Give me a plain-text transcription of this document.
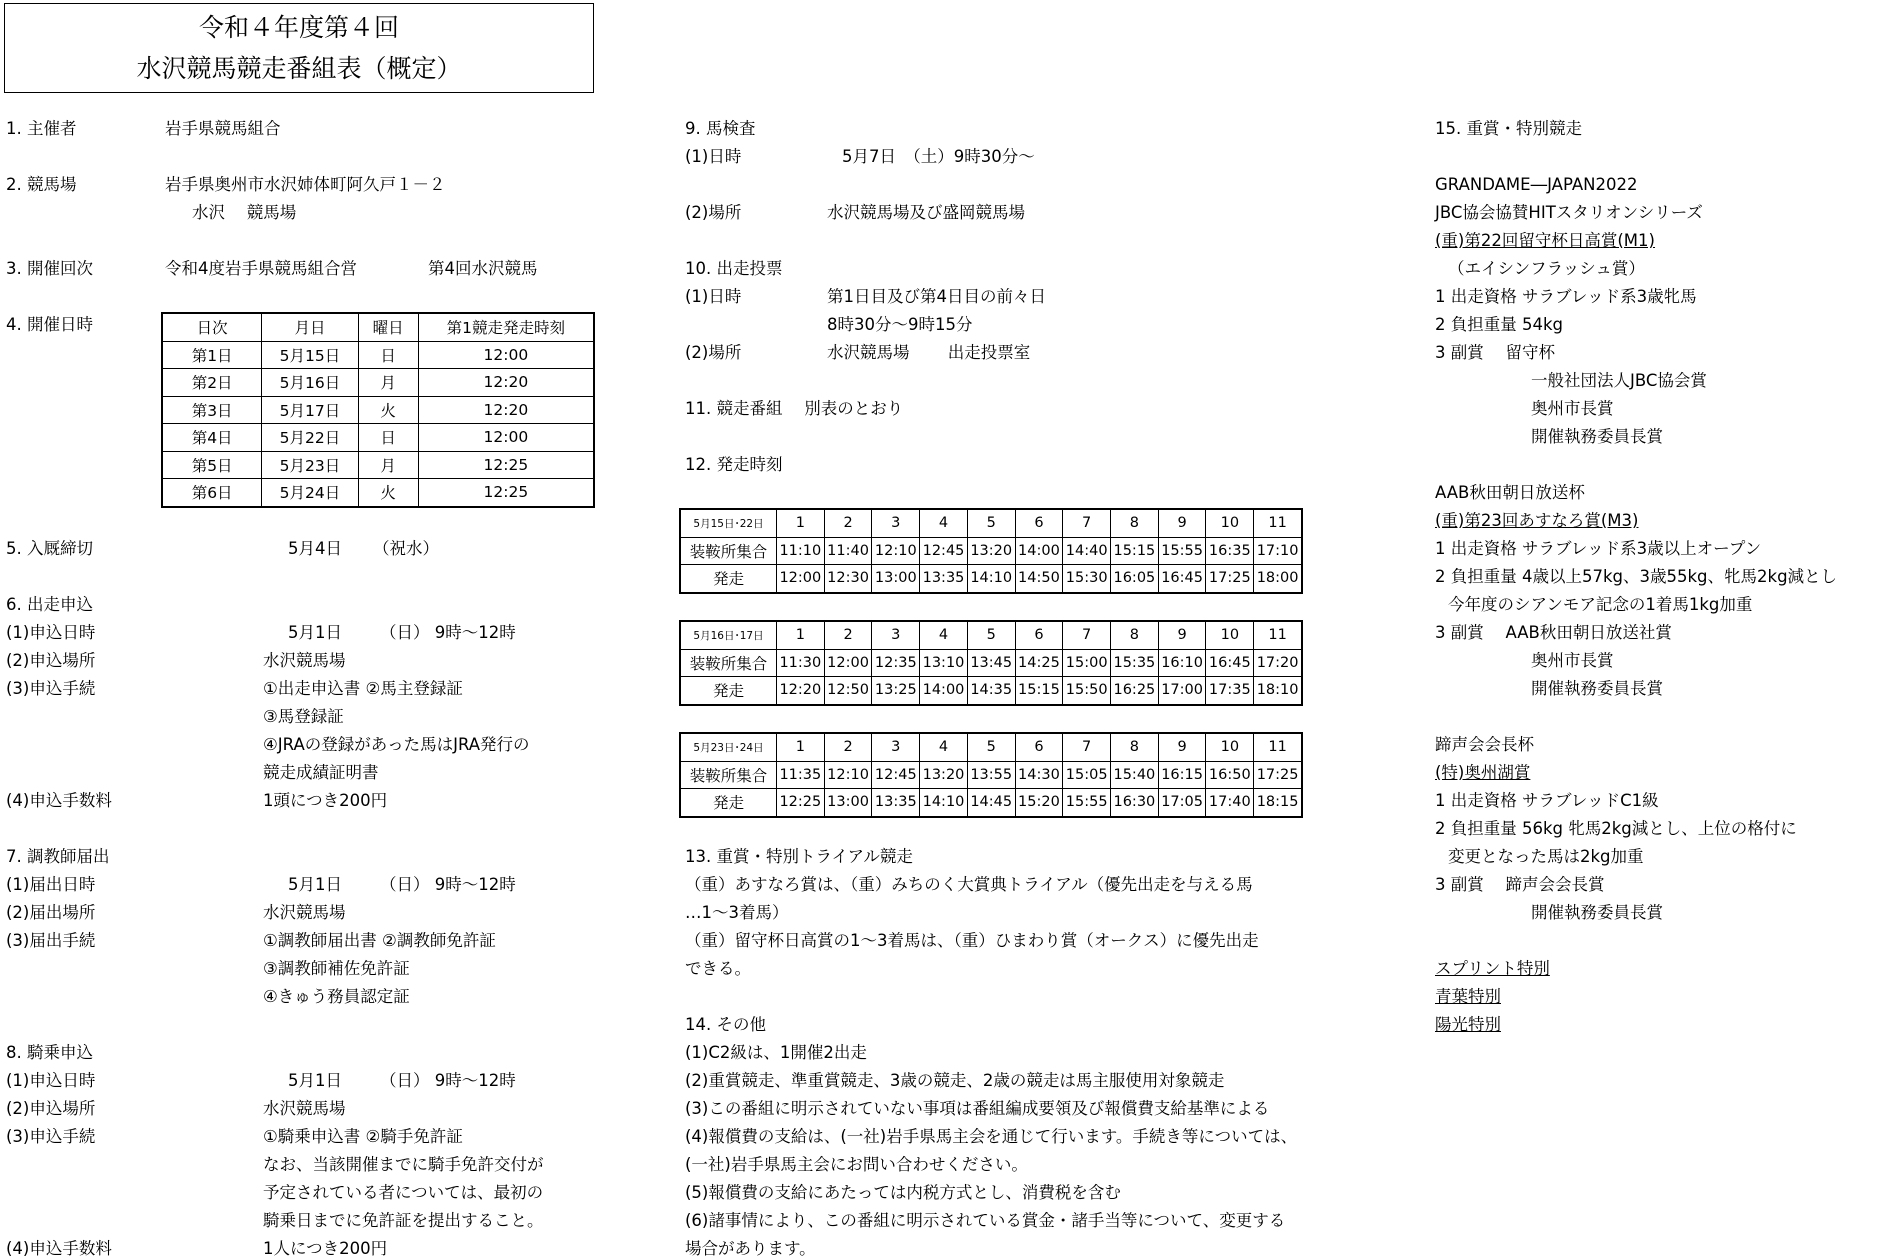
令和４年度第４回
水沢競馬競走番組表（概定）
1. 主催者	岩手県競馬組合
2. 競馬場	岩手県奥州市水沢姉体町阿久戸１－２
水沢　 競馬場
3. 開催回次	令和4度岩手県競馬組合営	第4回水沢競馬
4. 開催日時
5. 入厩締切	5月4日 （祝水）
6. 出走申込
(1)申込日時	5月1日 （日） 9時～12時
(2)申込場所	水沢競馬場
(3)申込手続	①出走申込書 ②馬主登録証
③馬登録証
④JRAの登録があった馬はJRA発行の
競走成績証明書
(4)申込手数料	1頭につき200円
7. 調教師届出
(1)届出日時	5月1日 （日） 9時～12時
(2)届出場所	水沢競馬場
(3)届出手続	①調教師届出書 ②調教師免許証
③調教師補佐免許証
④きゅう務員認定証
8. 騎乗申込
(1)申込日時	5月1日 （日） 9時～12時
(2)申込場所	水沢競馬場
(3)申込手続	①騎乗申込書 ②騎手免許証
なお、当該開催までに騎手免許交付が
予定されている者については、最初の
騎乗日までに免許証を提出すること。
(4)申込手数料	1人につき200円
9. 馬検査
(1)日時	5月7日　（土）9時30分～
(2)場所	水沢競馬場及び盛岡競馬場
10. 出走投票
(1)日時	第1日目及び第4日目の前々日
8時30分～9時15分
(2)場所	水沢競馬場　　 出走投票室
11. 競走番組　 別表のとおり
12. 発走時刻
13. 重賞・特別トライアル競走
（重）あすなろ賞は、（重）みちのく大賞典トライアル（優先出走を与える馬
…1～3着馬）
（重）留守杯日高賞の1～3着馬は、（重）ひまわり賞（オークス）に優先出走
できる。
14. その他
(1)C2級は、1開催2出走
(2)重賞競走、準重賞競走、3歳の競走、2歳の競走は馬主服使用対象競走
(3)この番組に明示されていない事項は番組編成要領及び報償費支給基準による
(4)報償費の支給は、(一社)岩手県馬主会を通じて行います。手続き等については、
(一社)岩手県馬主会にお問い合わせください。
(5)報償費の支給にあたっては内税方式とし、消費税を含む
(6)諸事情により、この番組に明示されている賞金・諸手当等について、変更する
場合があります。
15. 重賞・特別競走
GRANDAME―JAPAN2022
JBC協会協賛HITスタリオンシリーズ
(重)第22回留守杯日高賞(M1)
（エイシンフラッシュ賞）
1 出走資格 サラブレッド系3歳牝馬
2 負担重量 54kg
3 副賞　 留守杯
一般社団法人JBC協会賞
奥州市長賞
開催執務委員長賞
AAB秋田朝日放送杯
(重)第23回あすなろ賞(M3)
1 出走資格 サラブレッド系3歳以上オープン
2 負担重量 4歳以上57kg、3歳55kg、牝馬2kg減とし
今年度のシアンモア記念の1着馬1kg加重
3 副賞　 AAB秋田朝日放送社賞
奥州市長賞
開催執務委員長賞
蹄声会会長杯
(特)奥州湖賞
1 出走資格 サラブレッドC1級
2 負担重量 56kg 牝馬2kg減とし、上位の格付に
変更となった馬は2kg加重
3 副賞　 蹄声会会長賞
開催執務委員長賞
スプリント特別
青葉特別
陽光特別
日次	月日	曜日	第1競走発走時刻
第1日	5月15日	日	12:00
第2日	5月16日	月	12:20
第3日	5月17日	火	12:20
第4日	5月22日	日	12:00
第5日	5月23日	月	12:25
第6日	5月24日	火	12:25
5月15日･22日	1	2	3	4	5	6	7	8	9	10	11
装鞍所集合	11:10	11:40	12:10	12:45	13:20	14:00	14:40	15:15	15:55	16:35	17:10
発走	12:00	12:30	13:00	13:35	14:10	14:50	15:30	16:05	16:45	17:25	18:00
5月16日･17日	1	2	3	4	5	6	7	8	9	10	11
装鞍所集合	11:30	12:00	12:35	13:10	13:45	14:25	15:00	15:35	16:10	16:45	17:20
発走	12:20	12:50	13:25	14:00	14:35	15:15	15:50	16:25	17:00	17:35	18:10
5月23日･24日	1	2	3	4	5	6	7	8	9	10	11
装鞍所集合	11:35	12:10	12:45	13:20	13:55	14:30	15:05	15:40	16:15	16:50	17:25
発走	12:25	13:00	13:35	14:10	14:45	15:20	15:55	16:30	17:05	17:40	18:15
